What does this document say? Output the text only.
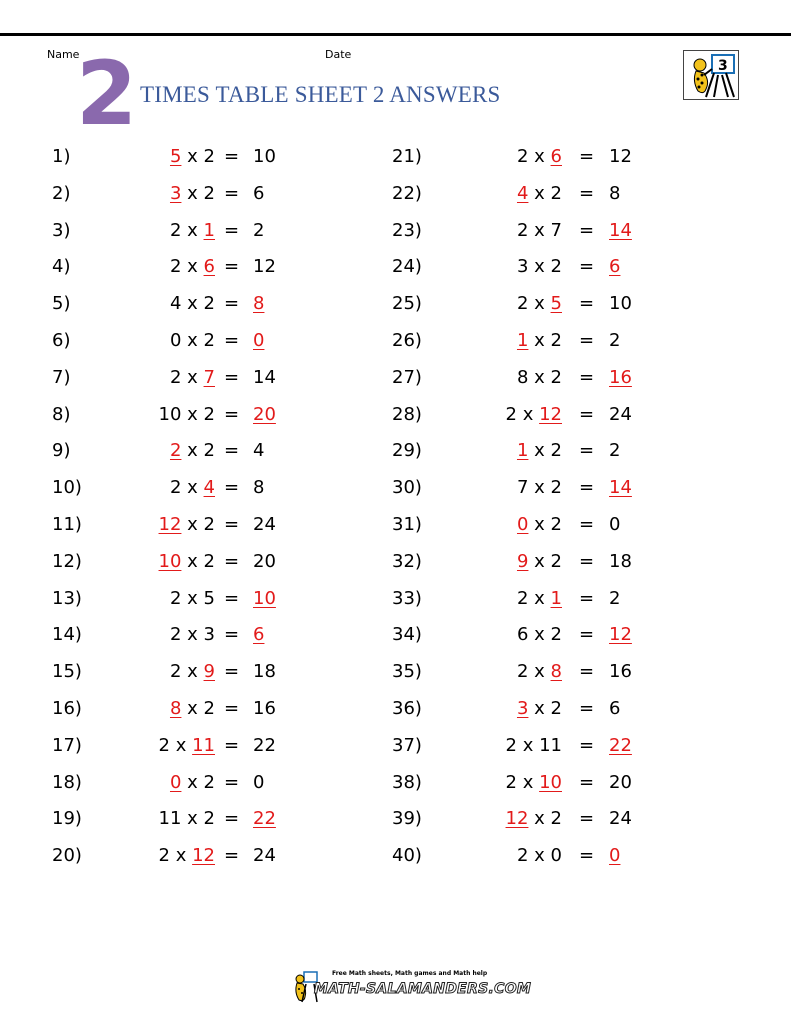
Name	Date
2 TIMES TABLE SHEET 2 ANSWERS
3
1)	5 x 2 = 10
2)	3 x 2 = 6
3)	2 x 1 = 2
4)	2 x 6 = 12
5)	4 x 2 = 8
6)	0 x 2 = 0
7)	2 x 7 = 14
8)	10 x 2 = 20
9)	2 x 2 = 4
10)	2 x 4 = 8
11)	12 x 2 = 24
12)	10 x 2 = 20
13)	2 x 5 = 10
14)	2 x 3 = 6
15)	2 x 9 = 18
16)	8 x 2 = 16
17)	2 x 11 = 22
18)	0 x 2 = 0
19)	11 x 2 = 22
20)	2 x 12 = 24
21)	2 x 6 = 12
22)	4 x 2 = 8
23)	2 x 7 = 14
24)	3 x 2 = 6
25)	2 x 5 = 10
26)	1 x 2 = 2
27)	8 x 2 = 16
28)	2 x 12 = 24
29)	1 x 2 = 2
30)	7 x 2 = 14
31)	0 x 2 = 0
32)	9 x 2 = 18
33)	2 x 1 = 2
34)	6 x 2 = 12
35)	2 x 8 = 16
36)	3 x 2 = 6
37)	2 x 11 = 22
38)	2 x 10 = 20
39)	12 x 2 = 24
40)	2 x 0 = 0
Free Math sheets, Math games and Math help
MATH-SALAMANDERS.COM
